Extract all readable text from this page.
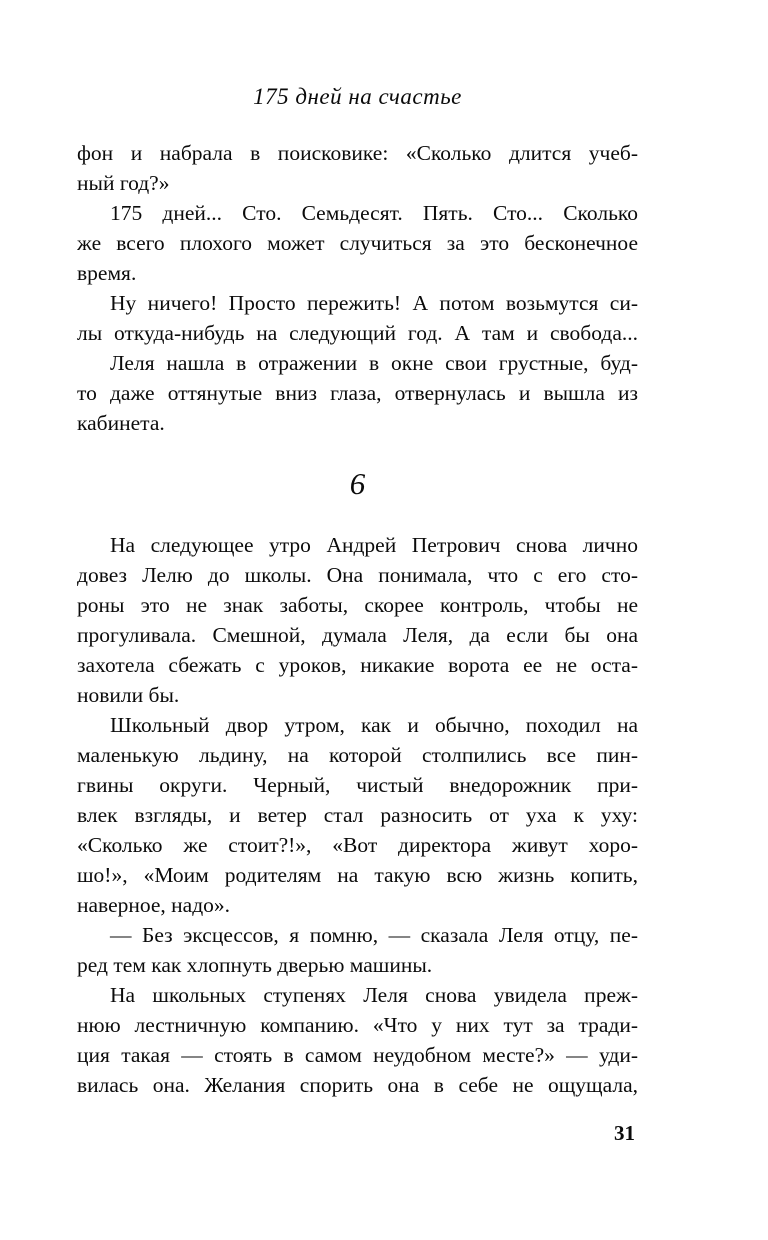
175 дней на счастье
фон и набрала в поисковике: «Сколько длится учеб-
ный год?»
175 дней... Сто. Семьдесят. Пять. Сто... Сколько
же всего плохого может случиться за это бесконечное
время.
Ну ничего! Просто пережить! А потом возьмутся си-
лы откуда-нибудь на следующий год. А там и свобода...
Леля нашла в отражении в окне свои грустные, буд-
то даже оттянутые вниз глаза, отвернулась и вышла из
кабинета.
6
На следующее утро Андрей Петрович снова лично
довез Лелю до школы. Она понимала, что с его сто-
роны это не знак заботы, скорее контроль, чтобы не
прогуливала. Смешной, думала Леля, да если бы она
захотела сбежать с уроков, никакие ворота ее не оста-
новили бы.
Школьный двор утром, как и обычно, походил на
маленькую льдину, на которой столпились все пин-
гвины округи. Черный, чистый внедорожник при-
влек взгляды, и ветер стал разносить от уха к уху:
«Сколько же стоит?!», «Вот директора живут хоро-
шо!», «Моим родителям на такую всю жизнь копить,
наверное, надо».
— Без эксцессов, я помню, — сказала Леля отцу, пе-
ред тем как хлопнуть дверью машины.
На школьных ступенях Леля снова увидела преж-
нюю лестничную компанию. «Что у них тут за тради-
ция такая — стоять в самом неудобном месте?» — уди-
вилась она. Желания спорить она в себе не ощущала,
31
